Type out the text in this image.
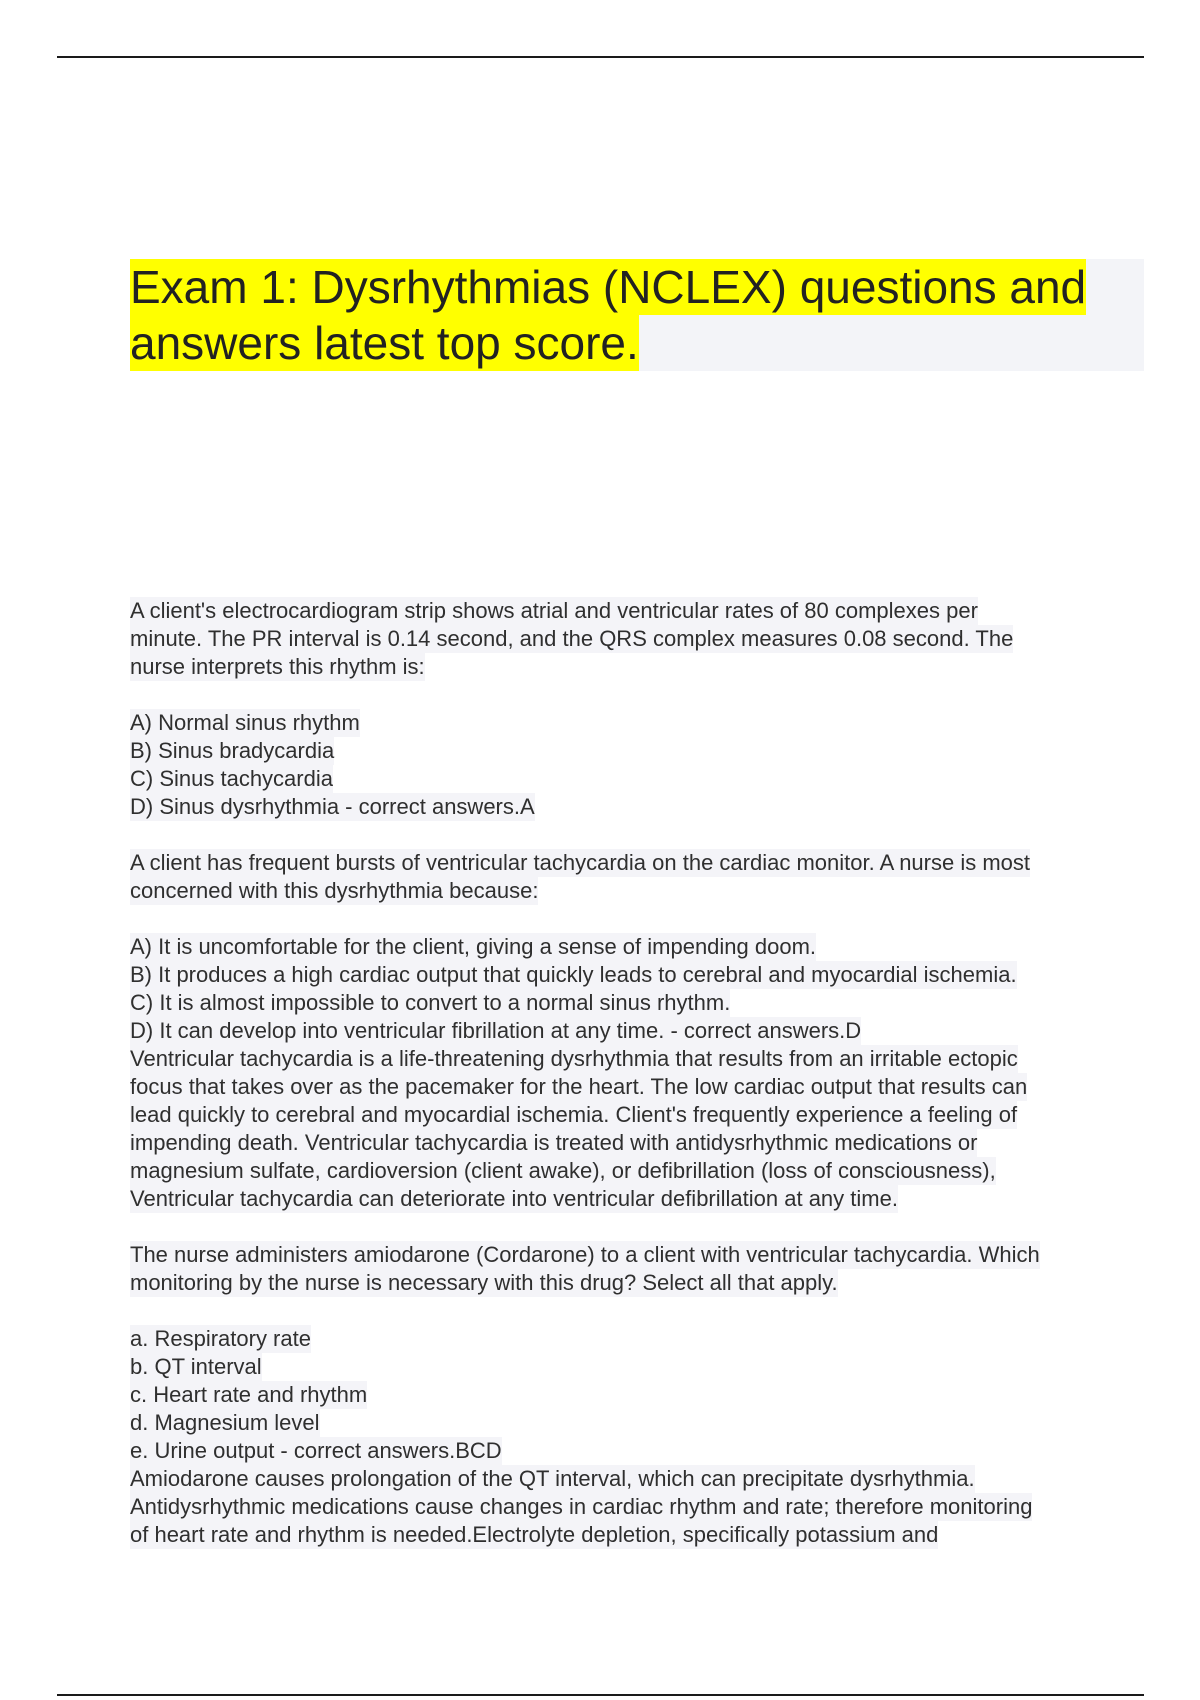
Exam 1: Dysrhythmias (NCLEX) questions and
answers latest top score.
A client's electrocardiogram strip shows atrial and ventricular rates of 80 complexes per
minute. The PR interval is 0.14 second, and the QRS complex measures 0.08 second. The
nurse interprets this rhythm is:
A) Normal sinus rhythm
B) Sinus bradycardia
C) Sinus tachycardia
D) Sinus dysrhythmia - correct answers.A
A client has frequent bursts of ventricular tachycardia on the cardiac monitor. A nurse is most
concerned with this dysrhythmia because:
A) It is uncomfortable for the client, giving a sense of impending doom.
B) It produces a high cardiac output that quickly leads to cerebral and myocardial ischemia.
C) It is almost impossible to convert to a normal sinus rhythm.
D) It can develop into ventricular fibrillation at any time. - correct answers.D
Ventricular tachycardia is a life-threatening dysrhythmia that results from an irritable ectopic
focus that takes over as the pacemaker for the heart. The low cardiac output that results can
lead quickly to cerebral and myocardial ischemia. Client's frequently experience a feeling of
impending death. Ventricular tachycardia is treated with antidysrhythmic medications or
magnesium sulfate, cardioversion (client awake), or defibrillation (loss of consciousness),
Ventricular tachycardia can deteriorate into ventricular defibrillation at any time.
The nurse administers amiodarone (Cordarone) to a client with ventricular tachycardia. Which
monitoring by the nurse is necessary with this drug? Select all that apply.
a. Respiratory rate
b. QT interval
c. Heart rate and rhythm
d. Magnesium level
e. Urine output - correct answers.BCD
Amiodarone causes prolongation of the QT interval, which can precipitate dysrhythmia.
Antidysrhythmic medications cause changes in cardiac rhythm and rate; therefore monitoring
of heart rate and rhythm is needed.Electrolyte depletion, specifically potassium and
